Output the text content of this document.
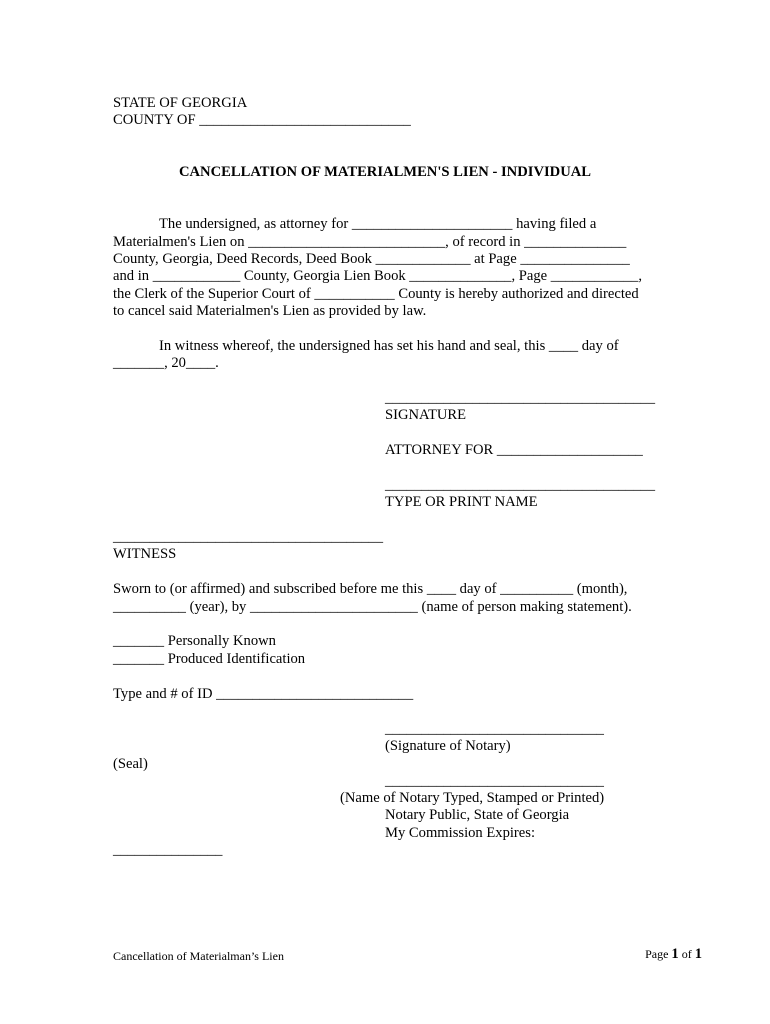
STATE OF GEORGIA
COUNTY OF _____________________________
CANCELLATION OF MATERIALMEN'S LIEN - INDIVIDUAL
The undersigned, as attorney for ______________________ having filed a
Materialmen's Lien on ___________________________, of record in ______________
County, Georgia, Deed Records, Deed Book _____________ at Page _______________
and in ____________ County, Georgia Lien Book ______________, Page ____________,
the Clerk of the Superior Court of ___________ County is hereby authorized and directed
to cancel said Materialmen's Lien as provided by law.
In witness whereof, the undersigned has set his hand and seal, this ____ day of
_______, 20____.
_____________________________________
SIGNATURE
ATTORNEY FOR ____________________
_____________________________________
TYPE OR PRINT NAME
_____________________________________
WITNESS
Sworn to (or affirmed) and subscribed before me this ____ day of __________ (month),
__________ (year), by _______________________ (name of person making statement).
_______ Personally Known
_______ Produced Identification
Type and # of ID ___________________________
______________________________
(Signature of Notary)
(Seal)
______________________________
(Name of Notary Typed, Stamped or Printed)
Notary Public, State of Georgia
My Commission Expires:
_______________
Cancellation of Materialman’s Lien	Page 1 of 1
